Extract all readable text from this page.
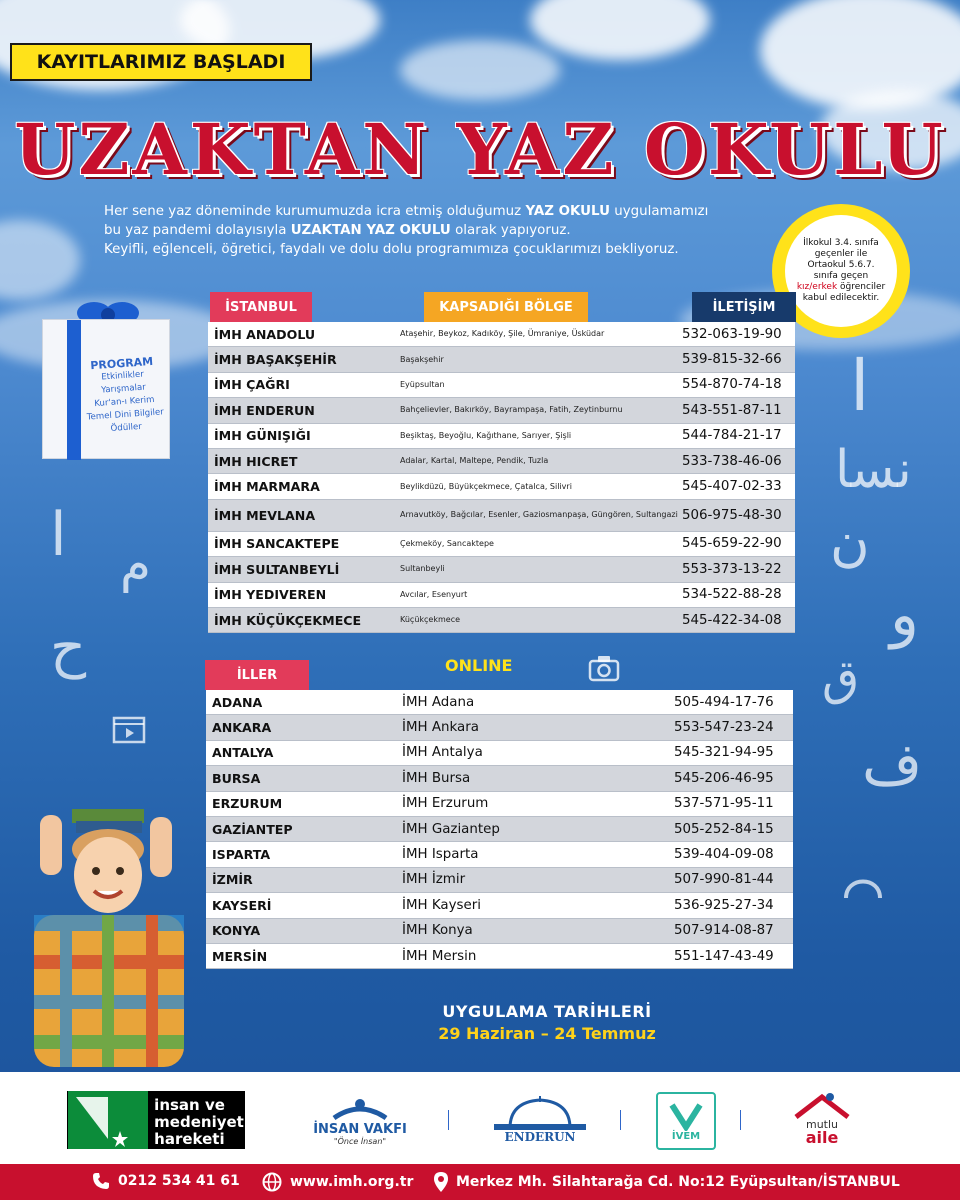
KAYITLARIMIZ BAŞLADI
UZAKTAN YAZ OKULU
Her sene yaz döneminde kurumumuzda icra etmiş olduğumuz YAZ OKULU uygulamamızı
bu yaz pandemi dolayısıyla UZAKTAN YAZ OKULU olarak yapıyoruz.
Keyifli, eğlenceli, öğretici, faydalı ve dolu dolu programımıza çocuklarımızı bekliyoruz.	İlkokul 3.4. sınıfa geçenler ile Ortaokul 5.6.7. sınıfa geçen kız/erkek öğrenciler kabul edilecektir.
PROGRAM
Etkinlikler
Yarışmalar
Kur'an-ı Kerim
Temel Dini Bilgiler
Ödüller
ا م
ح
ا
نسا
ن
و
ق
ف
İSTANBUL	KAPSADIĞI BÖLGE	İLETİŞİM
İMH ANADOLU	Ataşehir, Beykoz, Kadıköy, Şile, Ümraniye, Üsküdar	532-063-19-90
İMH BAŞAKŞEHİR	Başakşehir	539-815-32-66
İMH ÇAĞRI	Eyüpsultan	554-870-74-18
İMH ENDERUN	Bahçelievler, Bakırköy, Bayrampaşa, Fatih, Zeytinburnu	543-551-87-11
İMH GÜNIŞIĞI	Beşiktaş, Beyoğlu, Kağıthane, Sarıyer, Şişli	544-784-21-17
İMH HICRET	Adalar, Kartal, Maltepe, Pendik, Tuzla	533-738-46-06
İMH MARMARA	Beylikdüzü, Büyükçekmece, Çatalca, Silivri	545-407-02-33
İMH MEVLANA	Arnavutköy, Bağcılar, Esenler, Gaziosmanpaşa, Güngören, Sultangazi 506-975-48-30
İMH SANCAKTEPE	Çekmeköy, Sancaktepe	545-659-22-90
İMH SULTANBEYLİ	Sultanbeyli	553-373-13-22
İMH YEDIVEREN	Avcılar, Esenyurt	534-522-88-28
İMH KÜÇÜKÇEKMECE	Küçükçekmece	545-422-34-08
İLLER	ONLINE
ADANA	İMH Adana	505-494-17-76
ANKARA	İMH Ankara	553-547-23-24
ANTALYA	İMH Antalya	545-321-94-95
BURSA	İMH Bursa	545-206-46-95
ERZURUM	İMH Erzurum	537-571-95-11
GAZİANTEP	İMH Gaziantep	505-252-84-15
ISPARTA	İMH Isparta	539-404-09-08
İZMİR	İMH İzmir	507-990-81-44
KAYSERİ	İMH Kayseri	536-925-27-34
KONYA	İMH Konya	507-914-08-87
MERSİN	İMH Mersin	551-147-43-49
UYGULAMA TARİHLERİ
29 Haziran – 24 Temmuz
insan ve
medeniyet
hareketi	İNSAN VAKFI
"Önce İnsan"	ENDERUN	İVEM
mutlu
aile
0212 534 41 61	www.imh.org.tr	Merkez Mh. Silahtarağa Cd. No:12 Eyüpsultan/İSTANBUL
